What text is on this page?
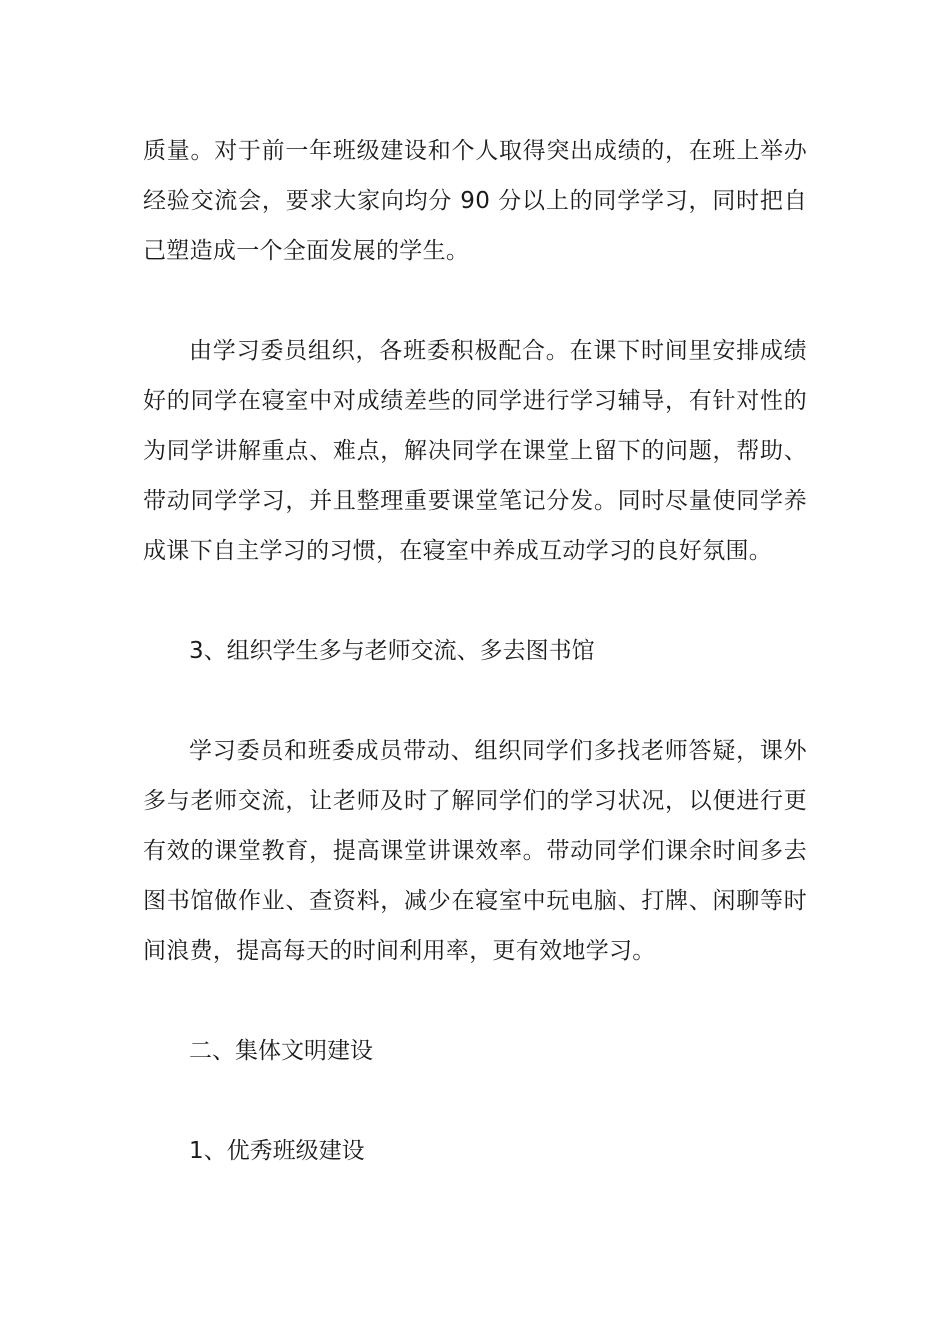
质量。对于前一年班级建设和个人取得突出成绩的，在班上举办经验交流会，要求大家向均分 90 分以上的同学学习，同时把自己塑造成一个全面发展的学生。

由学习委员组织，各班委积极配合。在课下时间里安排成绩好的同学在寝室中对成绩差些的同学进行学习辅导，有针对性的为同学讲解重点、难点，解决同学在课堂上留下的问题，帮助、带动同学学习，并且整理重要课堂笔记分发。同时尽量使同学养成课下自主学习的习惯，在寝室中养成互动学习的良好氛围。

3、组织学生多与老师交流、多去图书馆

学习委员和班委成员带动、组织同学们多找老师答疑，课外多与老师交流，让老师及时了解同学们的学习状况，以便进行更有效的课堂教育，提高课堂讲课效率。带动同学们课余时间多去图书馆做作业、查资料，减少在寝室中玩电脑、打牌、闲聊等时间浪费，提高每天的时间利用率，更有效地学习。

二、集体文明建设

1、优秀班级建设
